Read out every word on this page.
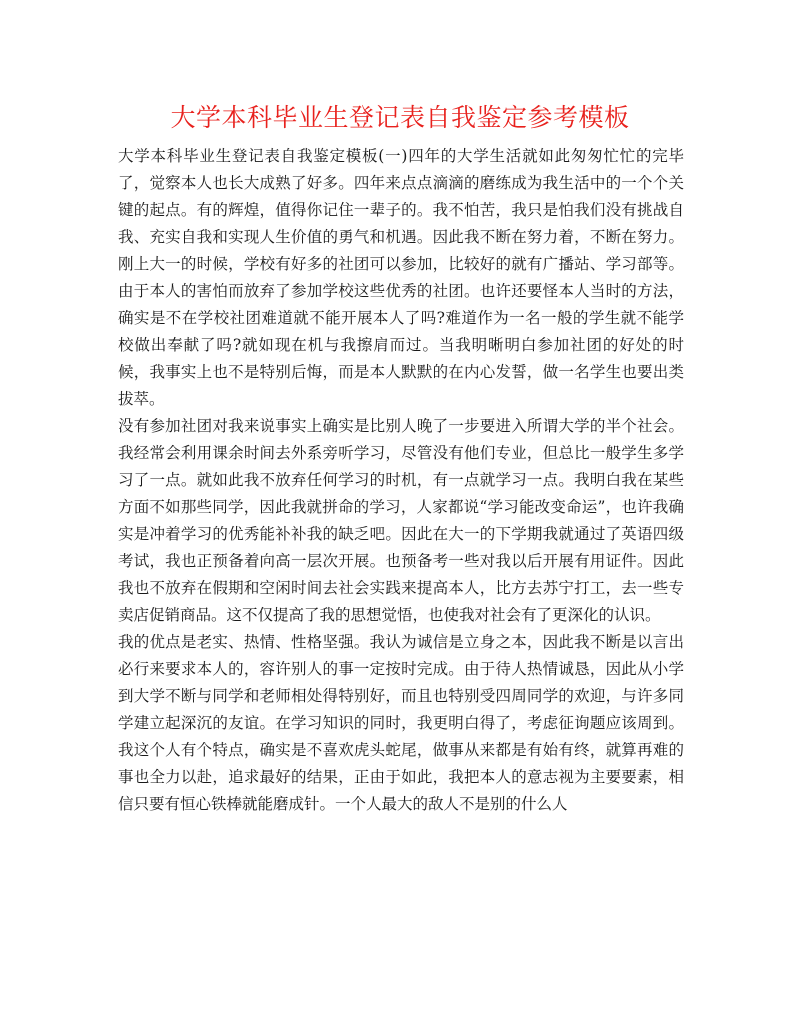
大学本科毕业生登记表自我鉴定参考模板

大学本科毕业生登记表自我鉴定模板(一)四年的大学生活就如此匆匆忙忙的完毕了，觉察本人也长大成熟了好多。四年来点点滴滴的磨练成为我生活中的一个个关键的起点。有的辉煌，值得你记住一辈子的。我不怕苦，我只是怕我们没有挑战自我、充实自我和实现人生价值的勇气和机遇。因此我不断在努力着，不断在努力。刚上大一的时候，学校有好多的社团可以参加，比较好的就有广播站、学习部等。由于本人的害怕而放弃了参加学校这些优秀的社团。也许还要怪本人当时的方法，确实是不在学校社团难道就不能开展本人了吗?难道作为一名一般的学生就不能学校做出奉献了吗?就如现在机与我擦肩而过。当我明晰明白参加社团的好处的时候，我事实上也不是特别后悔，而是本人默默的在内心发誓，做一名学生也要出类拔萃。

没有参加社团对我来说事实上确实是比别人晚了一步要进入所谓大学的半个社会。我经常会利用课余时间去外系旁听学习，尽管没有他们专业，但总比一般学生多学习了一点。就如此我不放弃任何学习的时机，有一点就学习一点。我明白我在某些方面不如那些同学，因此我就拼命的学习，人家都说“学习能改变命运”，也许我确实是冲着学习的优秀能补补我的缺乏吧。因此在大一的下学期我就通过了英语四级考试，我也正预备着向高一层次开展。也预备考一些对我以后开展有用证件。因此我也不放弃在假期和空闲时间去社会实践来提高本人，比方去苏宁打工，去一些专卖店促销商品。这不仅提高了我的思想觉悟，也使我对社会有了更深化的认识。

我的优点是老实、热情、性格坚强。我认为诚信是立身之本，因此我不断是以言出必行来要求本人的，容许别人的事一定按时完成。由于待人热情诚恳，因此从小学到大学不断与同学和老师相处得特别好，而且也特别受四周同学的欢迎，与许多同学建立起深沉的友谊。在学习知识的同时，我更明白得了，考虑征询题应该周到。我这个人有个特点，确实是不喜欢虎头蛇尾，做事从来都是有始有终，就算再难的事也全力以赴，追求最好的结果，正由于如此，我把本人的意志视为主要要素，相信只要有恒心铁棒就能磨成针。一个人最大的敌人不是别的什么人
